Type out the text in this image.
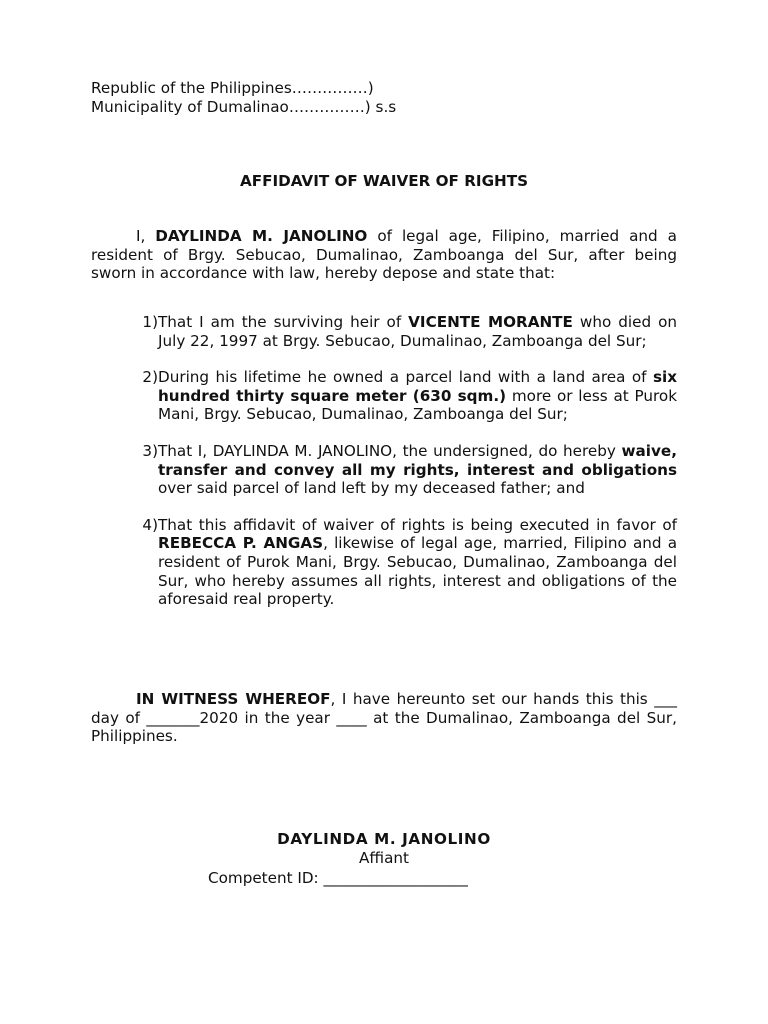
Republic of the Philippines……………)
Municipality of Dumalinao……………) s.s
AFFIDAVIT OF WAIVER OF RIGHTS
I, DAYLINDA M. JANOLINO of legal age, Filipino, married and a resident of Brgy. Sebucao, Dumalinao, Zamboanga del Sur, after being sworn in accordance with law, hereby depose and state that:
1) That I am the surviving heir of VICENTE MORANTE who died on July 22, 1997 at Brgy. Sebucao, Dumalinao, Zamboanga del Sur;
2) During his lifetime he owned a parcel land with a land area of six hundred thirty square meter (630 sqm.) more or less at Purok Mani, Brgy. Sebucao, Dumalinao, Zamboanga del Sur;
3) That I, DAYLINDA M. JANOLINO, the undersigned, do hereby waive, transfer and convey all my rights, interest and obligations over said parcel of land left by my deceased father; and
4) That this affidavit of waiver of rights is being executed in favor of REBECCA P. ANGAS, likewise of legal age, married, Filipino and a resident of Purok Mani, Brgy. Sebucao, Dumalinao, Zamboanga del Sur, who hereby assumes all rights, interest and obligations of the aforesaid real property.
IN WITNESS WHEREOF, I have hereunto set our hands this this ___ day of _______2020 in the year ____ at the Dumalinao, Zamboanga del Sur, Philippines.
DAYLINDA M. JANOLINO
Affiant
Competent ID: ___________________
